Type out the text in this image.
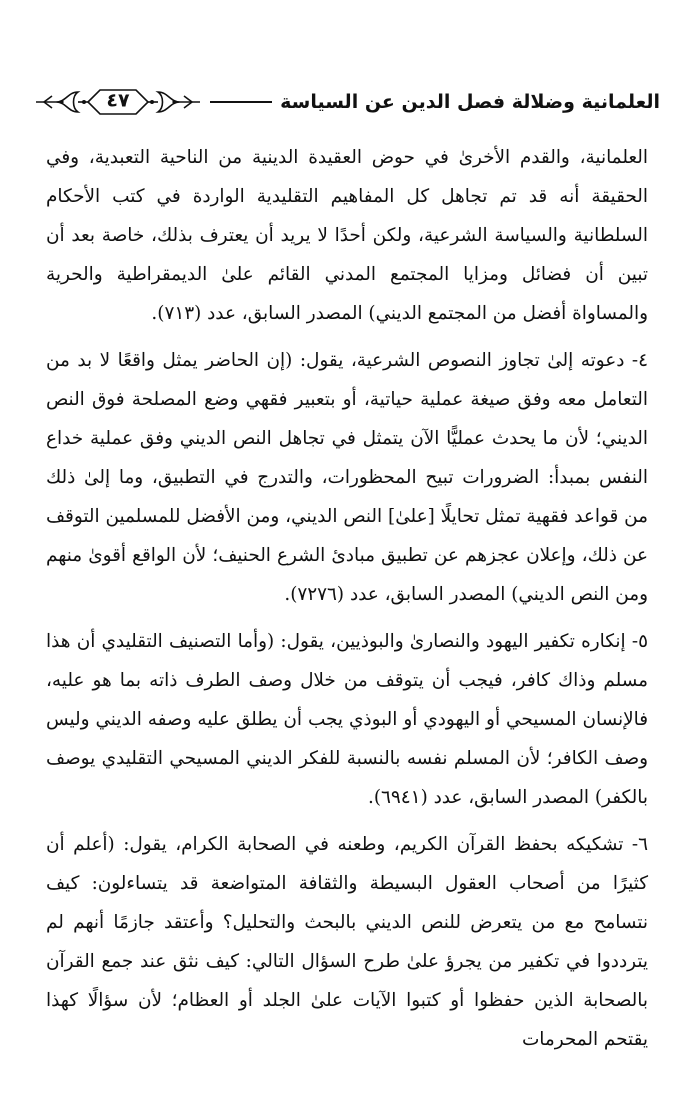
العلمانية وضلالة فصل الدين عن السياسة
٤٧

العلمانية، والقدم الأخرىٰ في حوض العقيدة الدينية من الناحية التعبدية، وفي الحقيقة أنه قد تم تجاهل كل المفاهيم التقليدية الواردة في كتب الأحكام السلطانية والسياسة الشرعية، ولكن أحدًا لا يريد أن يعترف بذلك، خاصة بعد أن تبين أن فضائل ومزايا المجتمع المدني القائم علىٰ الديمقراطية والحرية والمساواة أفضل من المجتمع الديني) المصدر السابق، عدد (٧١٣).

٤- دعوته إلىٰ تجاوز النصوص الشرعية، يقول: (إن الحاضر يمثل واقعًا لا بد من التعامل معه وفق صيغة عملية حياتية، أو بتعبير فقهي وضع المصلحة فوق النص الديني؛ لأن ما يحدث عمليًّا الآن يتمثل في تجاهل النص الديني وفق عملية خداع النفس بمبدأ: الضرورات تبيح المحظورات، والتدرج في التطبيق، وما إلىٰ ذلك من قواعد فقهية تمثل تحايلًا [علىٰ] النص الديني، ومن الأفضل للمسلمين التوقف عن ذلك، وإعلان عجزهم عن تطبيق مبادئ الشرع الحنيف؛ لأن الواقع أقوىٰ منهم ومن النص الديني) المصدر السابق، عدد (٧٢٧٦).

٥- إنكاره تكفير اليهود والنصارىٰ والبوذيين، يقول: (وأما التصنيف التقليدي أن هذا مسلم وذاك كافر، فيجب أن يتوقف من خلال وصف الطرف ذاته بما هو عليه، فالإنسان المسيحي أو اليهودي أو البوذي يجب أن يطلق عليه وصفه الديني وليس وصف الكافر؛ لأن المسلم نفسه بالنسبة للفكر الديني المسيحي التقليدي يوصف بالكفر) المصدر السابق، عدد (٦٩٤١).

٦- تشكيكه بحفظ القرآن الكريم، وطعنه في الصحابة الكرام، يقول: (أعلم أن كثيرًا من أصحاب العقول البسيطة والثقافة المتواضعة قد يتساءلون: كيف نتسامح مع من يتعرض للنص الديني بالبحث والتحليل؟ وأعتقد جازمًا أنهم لم يترددوا في تكفير من يجرؤ علىٰ طرح السؤال التالي: كيف نثق عند جمع القرآن بالصحابة الذين حفظوا أو كتبوا الآيات علىٰ الجلد أو العظام؛ لأن سؤالًا كهذا يقتحم المحرمات
